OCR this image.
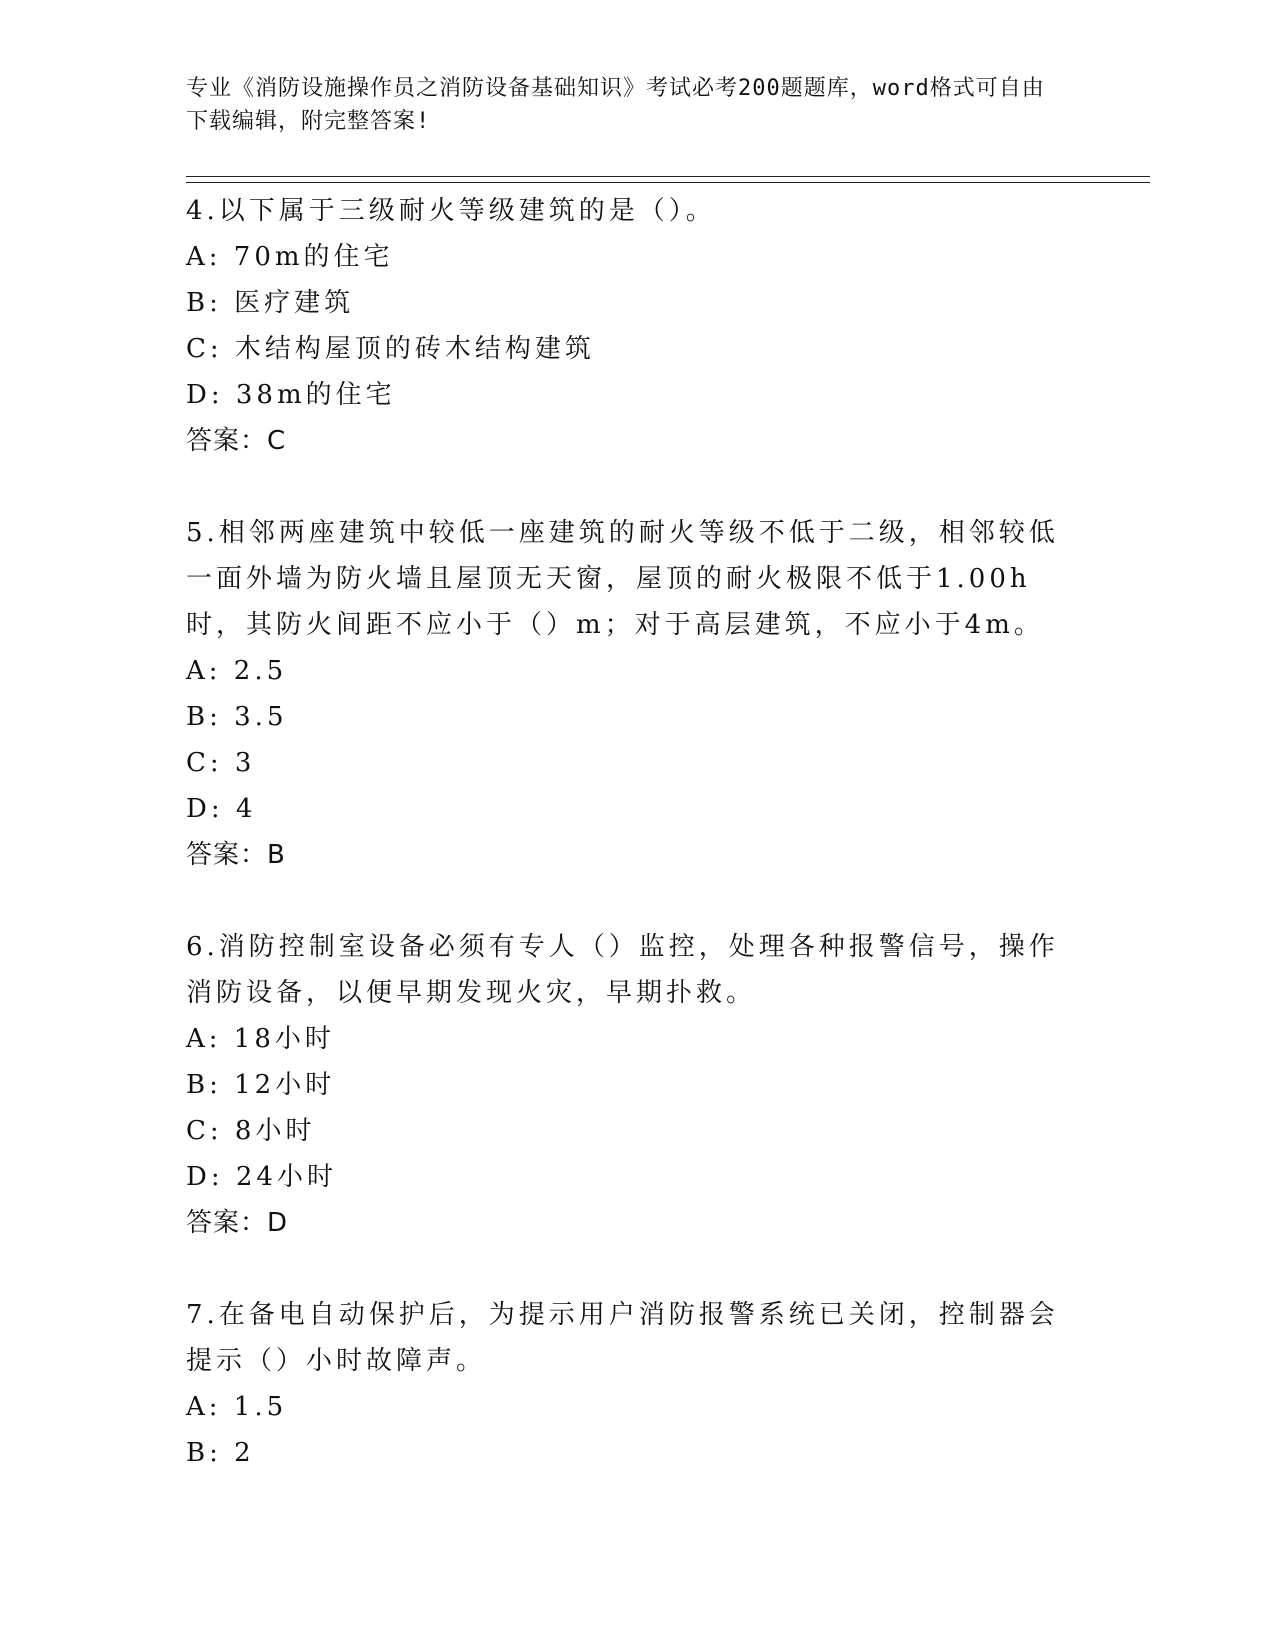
专业《消防设施操作员之消防设备基础知识》考试必考200题题库，word格式可自由下载编辑，附完整答案!

4.以下属于三级耐火等级建筑的是（）。

A: 70m的住宅

B: 医疗建筑

C: 木结构屋顶的砖木结构建筑

D: 38m的住宅

答案：C

5.相邻两座建筑中较低一座建筑的耐火等级不低于二级，相邻较低一面外墙为防火墙且屋顶无天窗，屋顶的耐火极限不低于1.00h时，其防火间距不应小于（）m；对于高层建筑，不应小于4m。

A: 2.5

B: 3.5

C: 3

D: 4

答案：B

6.消防控制室设备必须有专人（）监控，处理各种报警信号，操作消防设备，以便早期发现火灾，早期扑救。

A: 18小时

B: 12小时

C: 8小时

D: 24小时

答案：D

7.在备电自动保护后，为提示用户消防报警系统已关闭，控制器会提示（）小时故障声。

A: 1.5

B: 2
